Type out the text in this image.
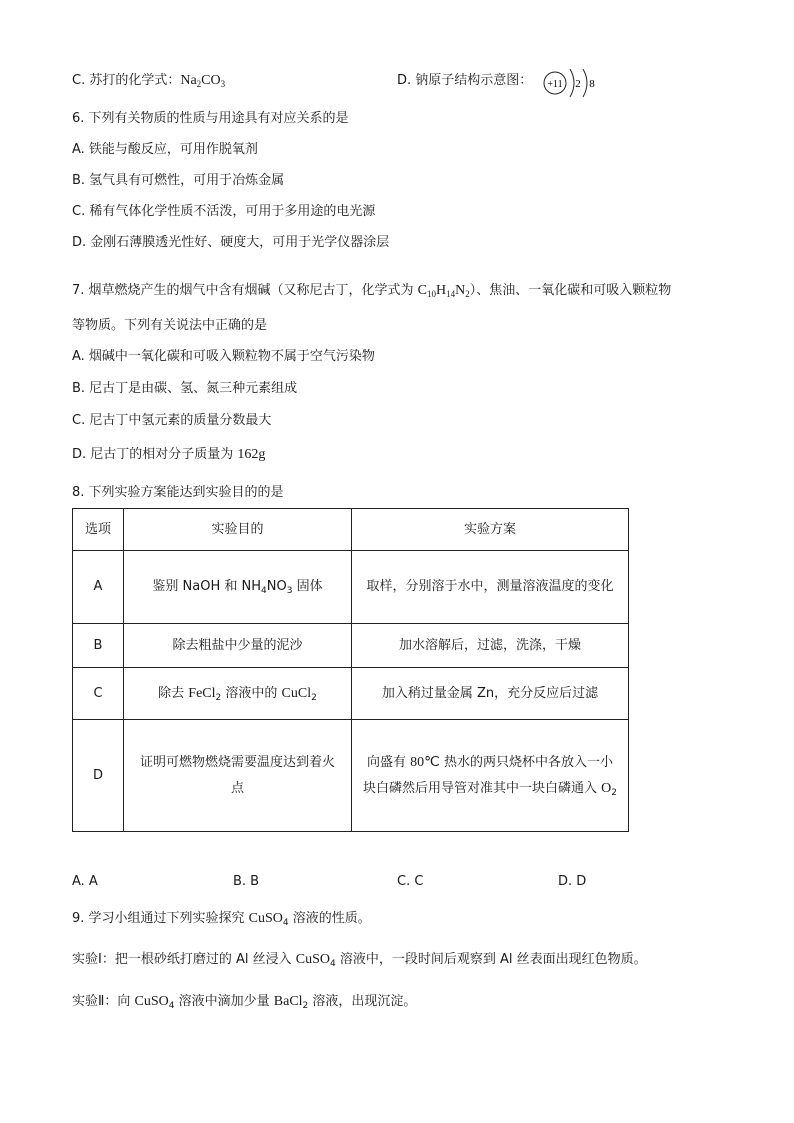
C. 苏打的化学式：$Na_2CO_3$	D. 钠原子结构示意图： +11 2 8
6. 下列有关物质的性质与用途具有对应关系的是
A. 铁能与酸反应，可用作脱氧剂
B. 氢气具有可燃性，可用于冶炼金属
C. 稀有气体化学性质不活泼，可用于多用途的电光源
D. 金刚石薄膜透光性好、硬度大，可用于光学仪器涂层
7. 烟草燃烧产生的烟气中含有烟碱（又称尼古丁，化学式为 $C_{10}H_{14}N_2$）、焦油、一氧化碳和可吸入颗粒物
等物质。下列有关说法中正确的是
A. 烟碱中一氧化碳和可吸入颗粒物不属于空气污染物
B. 尼古丁是由碳、氢、氮三种元素组成
C. 尼古丁中氢元素的质量分数最大
D. 尼古丁的相对分子质量为 162g
8. 下列实验方案能达到实验目的的是
选项	实验目的	实验方案
A	鉴别 NaOH 和 $NH_4NO_3$ 固体	取样，分别溶于水中，测量溶液温度的变化
B	除去粗盐中少量的泥沙	加水溶解后，过滤，洗涤，干燥
C	除去 FeCl$_2$ 溶液中的 CuCl$_2$	加入稍过量金属 Zn，充分反应后过滤
D	证明可燃物燃烧需要温度达到着火点	向盛有 80℃ 热水的两只烧杯中各放入一小块白磷然后用导管对准其中一块白磷通入 $O_2$
A. A	B. B	C. C	D. D
9. 学习小组通过下列实验探究 CuSO$_4$ 溶液的性质。
实验Ⅰ：把一根砂纸打磨过的 Al 丝浸入 CuSO$_4$ 溶液中，一段时间后观察到 Al 丝表面出现红色物质。
实验Ⅱ：向 CuSO$_4$ 溶液中滴加少量 BaCl$_2$ 溶液，出现沉淀。
